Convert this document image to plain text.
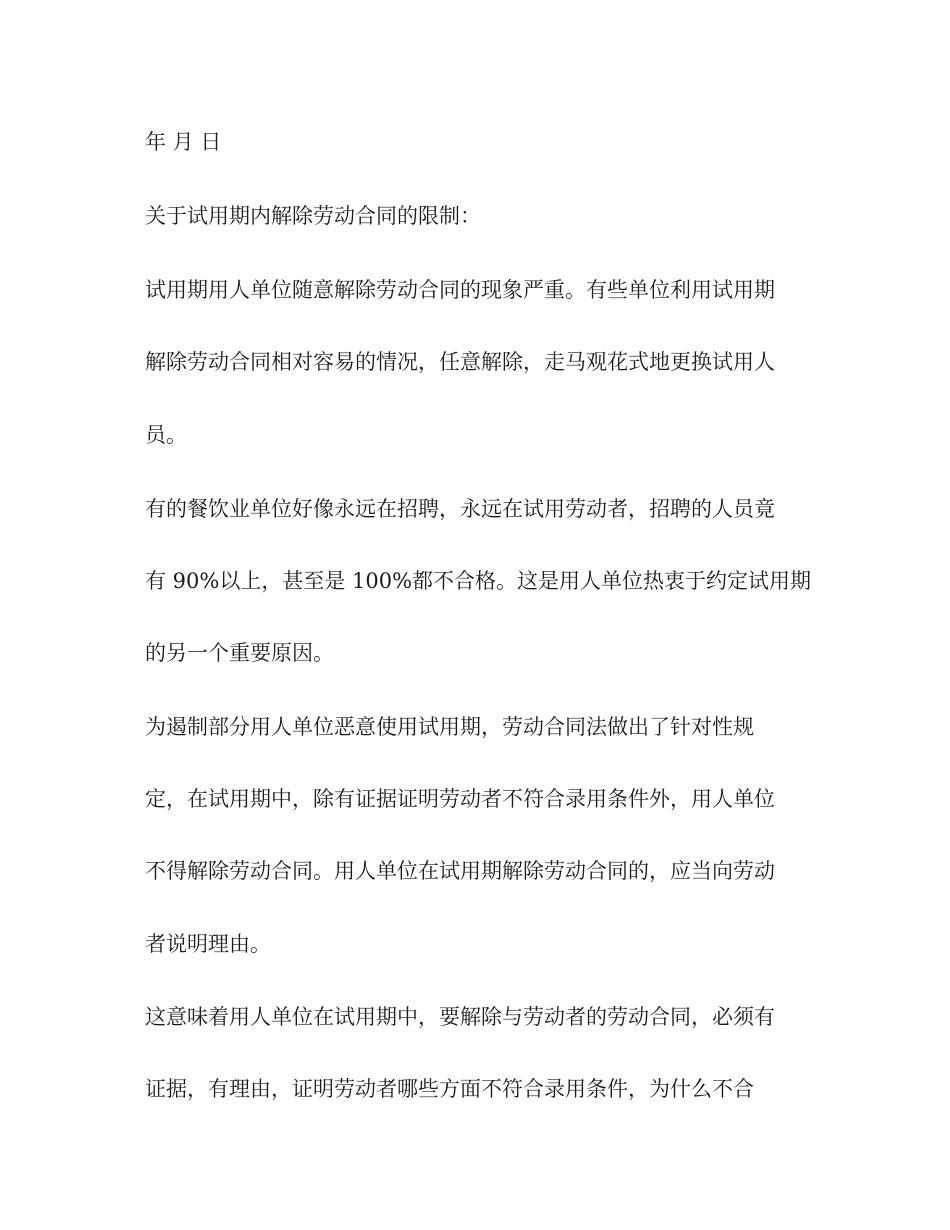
年 月 日
关于试用期内解除劳动合同的限制：
试用期用人单位随意解除劳动合同的现象严重。有些单位利用试用期
解除劳动合同相对容易的情况，任意解除，走马观花式地更换试用人
员。
有的餐饮业单位好像永远在招聘，永远在试用劳动者，招聘的人员竟
有 90%以上，甚至是 100%都不合格。这是用人单位热衷于约定试用期
的另一个重要原因。
为遏制部分用人单位恶意使用试用期，劳动合同法做出了针对性规
定，在试用期中，除有证据证明劳动者不符合录用条件外，用人单位
不得解除劳动合同。用人单位在试用期解除劳动合同的，应当向劳动
者说明理由。
这意味着用人单位在试用期中，要解除与劳动者的劳动合同，必须有
证据，有理由，证明劳动者哪些方面不符合录用条件，为什么不合
